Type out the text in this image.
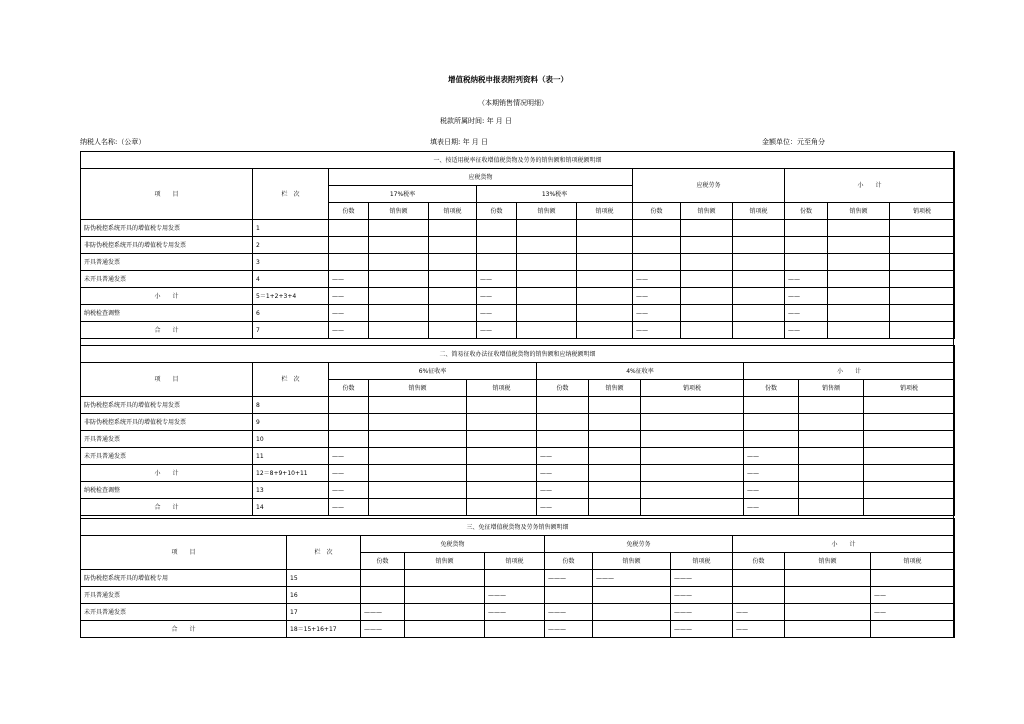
增值税纳税申报表附列资料（表一）
（本期销售情况明细）
税款所属时间: 年 月 日
纳税人名称:（公章）	填表日期: 年 月 日	金额单位：元至角分
一、按适用税率征收增值税货物及劳务的销售额和销项税额明细													
项　　目	栏　次	应税货物						应税劳务			小　　计		
		17%税率			13%税率								
		份数	销售额	销项税	份数	销售额	销项税	份数	销售额	销项税	份数	销售额	销项税
防伪税控系统开具的增值税专用发票	1												
非防伪税控系统开具的增值税专用发票	2												
开具普通发票	3												
未开具普通发票	4	——			——			——			——		
小　　计	5＝1+2+3+4	——			——			——			——		
纳税检查调整	6	——			——			——			——		
合　　计	7	——			——			——			——		
二、简易征收办法征收增值税货物的销售额和应纳税额明细										
项　　目	栏　次	6%征收率			4%征收率			小　　计		
		份数	销售额	销项税	份数	销售额	销项税	份数	销售额	销项税
防伪税控系统开具的增值税专用发票	8									
非防伪税控系统开具的增值税专用发票	9									
开具普通发票	10									
未开具普通发票	11	——			——			——		
小　　计	12＝8+9+10+11	——			——			——		
纳税检查调整	13	——			——			——		
合　　计	14	——			——			——		
三、免征增值税货物及劳务销售额明细										
项　　目	栏　次	免税货物			免税劳务			小　　计		
		份数	销售额	销项税	份数	销售额	销项税	份数	销售额	销项税
防伪税控系统开具的增值税专用	15				———	———	———			
开具普通发票	16			———			———			——
未开具普通发票	17	———		———	———		———	——		——
合　　计	18＝15+16+17	———			———		———	——		
